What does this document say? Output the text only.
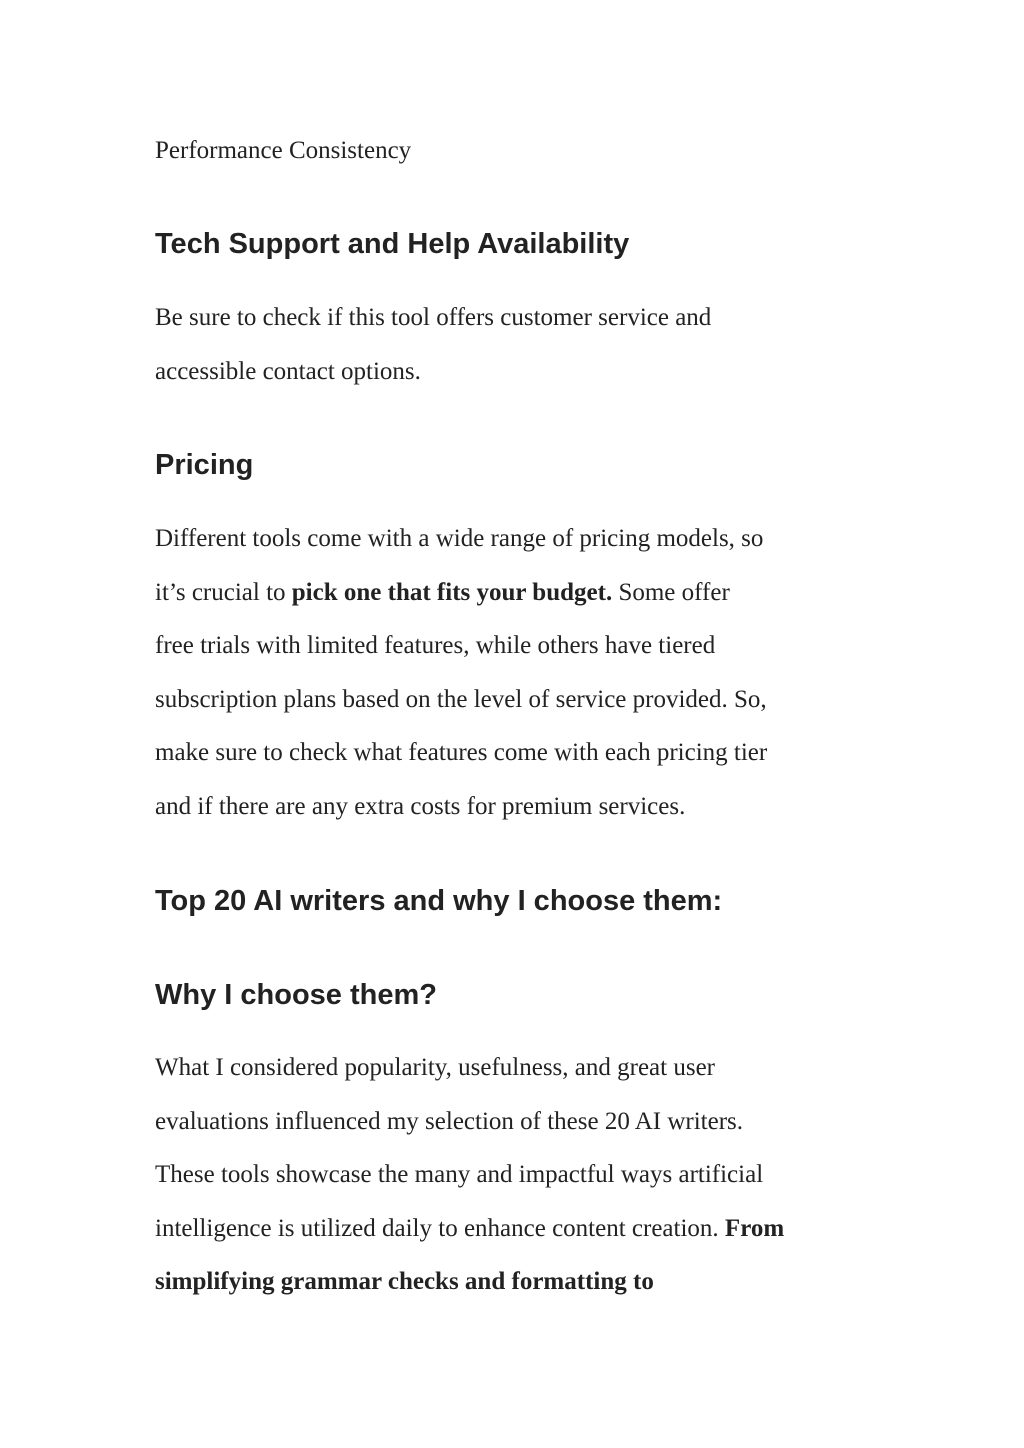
Performance Consistency

Tech Support and Help Availability

Be sure to check if this tool offers customer service and
accessible contact options.

Pricing

Different tools come with a wide range of pricing models, so
it’s crucial to pick one that fits your budget. Some offer
free trials with limited features, while others have tiered
subscription plans based on the level of service provided. So,
make sure to check what features come with each pricing tier
and if there are any extra costs for premium services.

Top 20 AI writers and why I choose them:
Why I choose them?

What I considered popularity, usefulness, and great user
evaluations influenced my selection of these 20 AI writers.
These tools showcase the many and impactful ways artificial
intelligence is utilized daily to enhance content creation. From
simplifying grammar checks and formatting to
